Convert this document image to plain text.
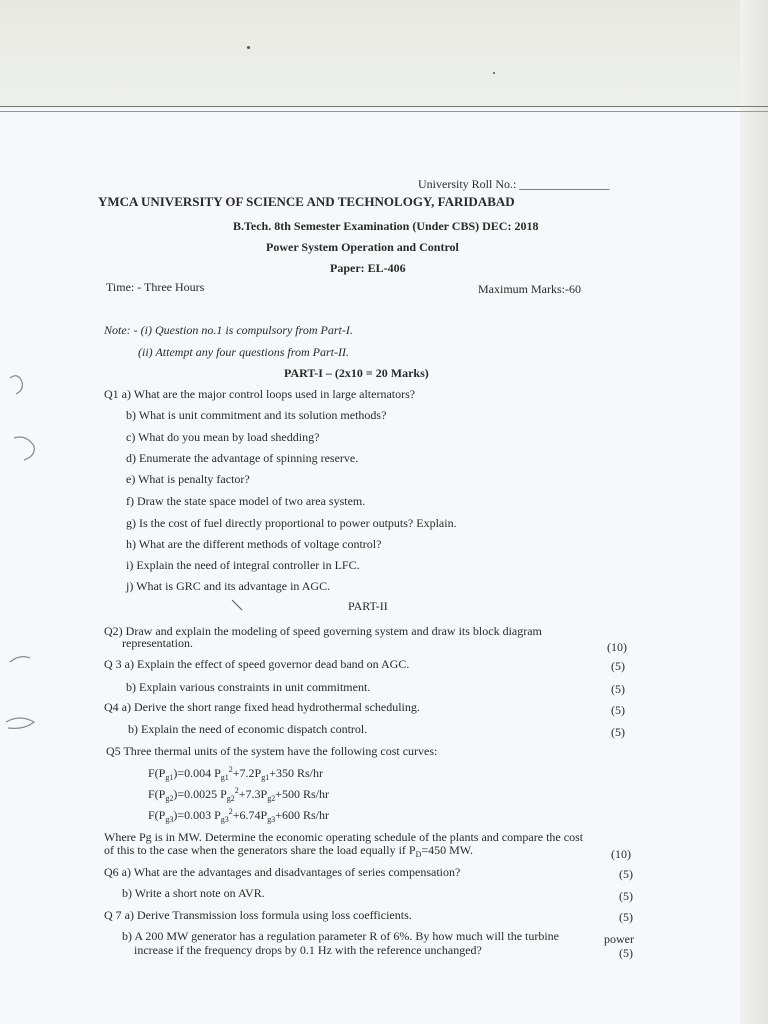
University Roll No.: _______________
YMCA UNIVERSITY OF SCIENCE AND TECHNOLOGY, FARIDABAD
B.Tech. 8th Semester Examination (Under CBS) DEC: 2018
Power System Operation and Control
Paper: EL-406
Time: - Three Hours	Maximum Marks:-60
Note: - (i) Question no.1 is compulsory from Part-I.
(ii) Attempt any four questions from Part-II.
PART-I – (2x10 = 20 Marks)
Q1 a) What are the major control loops used in large alternators?
b) What is unit commitment and its solution methods?
c) What do you mean by load shedding?
d) Enumerate the advantage of spinning reserve.
e) What is penalty factor?
f) Draw the state space model of two area system.
g) Is the cost of fuel directly proportional to power outputs? Explain.
h) What are the different methods of voltage control?
i) Explain the need of integral controller in LFC.
j) What is GRC and its advantage in AGC.
PART-II
Q2) Draw and explain the modeling of speed governing system and draw its block diagram
representation.	(10)
Q 3 a) Explain the effect of speed governor dead band on AGC.	(5)
b) Explain various constraints in unit commitment.	(5)
Q4 a) Derive the short range fixed head hydrothermal scheduling.	(5)
b) Explain the need of economic dispatch control.	(5)
Q5 Three thermal units of the system have the following cost curves:
$F(P_{g1})=0.004$ $P_{g1}^2+7.2P_{g1}+350$ Rs/hr
$F(P_{g2})=0.0025$ $P_{g2}^2+7.3P_{g2}+500$ Rs/hr
$F(P_{g3})=0.003$ $P_{g3}^2+6.74P_{g3}+600$ Rs/hr
Where Pg is in MW. Determine the economic operating schedule of the plants and compare the cost
of this to the case when the generators share the load equally if $P_D=450$ MW.	(10)
Q6 a) What are the advantages and disadvantages of series compensation?	(5)
b) Write a short note on AVR.	(5)
Q 7 a) Derive Transmission loss formula using loss coefficients.	(5)
b) A 200 MW generator has a regulation parameter R of 6%. By how much will the turbine	power
increase if the frequency drops by 0.1 Hz with the reference unchanged?	(5)
